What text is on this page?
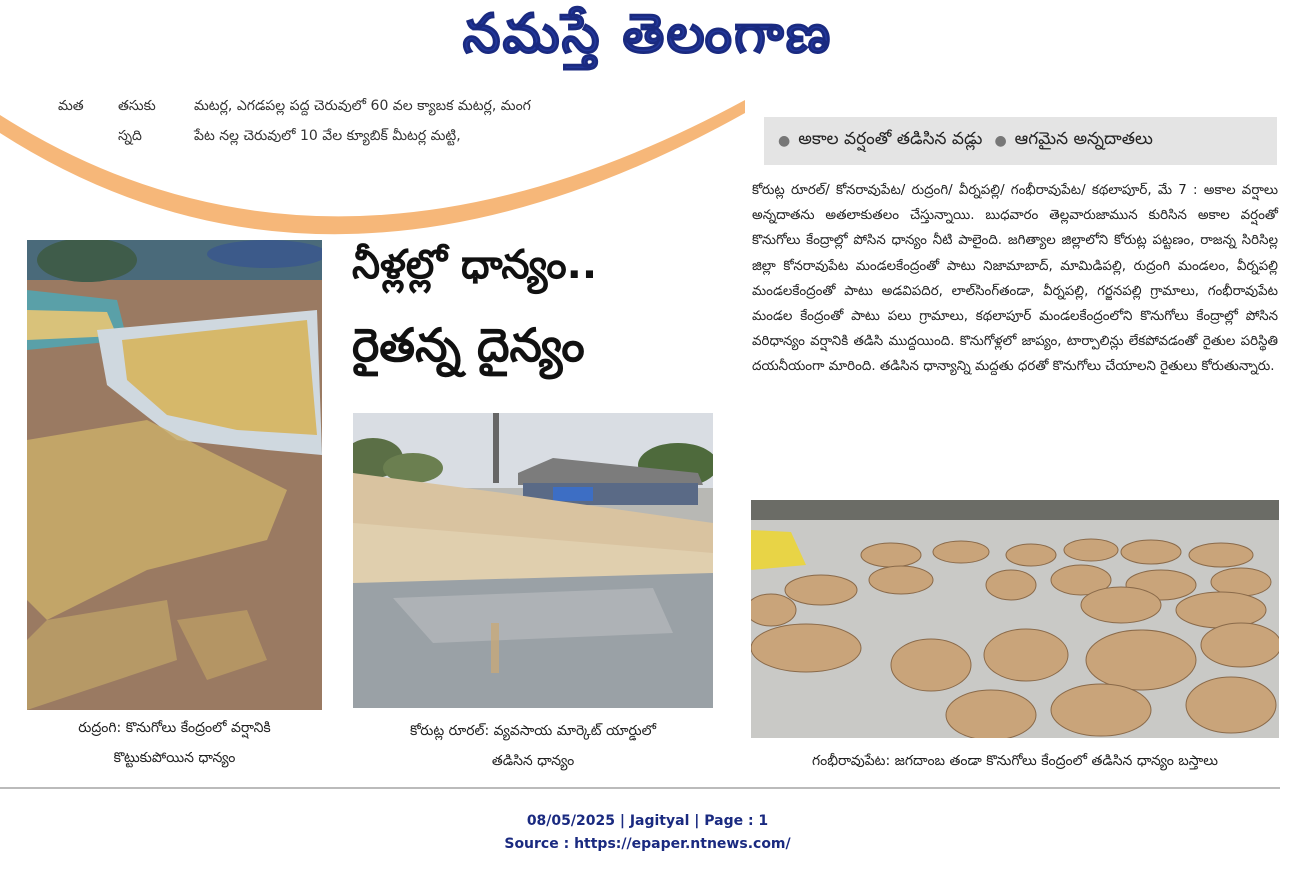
నమస్తే తెలంగాణ
మత తసుకు
స్నది
మటర్ల, ఎగడపల్ల పద్ద చెరువులో 60 వల క్యాబక మటర్ల, మంగ
పేట నల్ల చెరువులో 10 వేల క్యూబిక్ మీటర్ల మట్టి,
నీళ్లల్లో ధాన్యం..
రైతన్న దైన్యం
● అకాల వర్షంతో తడిసిన వడ్లు ● ఆగమైన అన్నదాతలు
కోరుట్ల రూరల్/ కోనరావుపేట/ రుద్రంగి/ వీర్నపల్లి/ గంభీరావుపేట/ కథలాపూర్, మే 7 : అకాల వర్షాలు అన్నదాతను అతలాకుతలం చేస్తున్నాయి. బుధవారం తెల్లవారుజామున కురిసిన అకాల వర్షంతో కొనుగోలు కేంద్రాల్లో పోసిన ధాన్యం నీటి పాలైంది. జగిత్యాల జిల్లాలోని కోరుట్ల పట్టణం, రాజన్న సిరిసిల్ల జిల్లా కోనరావుపేట మండలకేంద్రంతో పాటు నిజామాబాద్, మామిడిపల్లి, రుద్రంగి మండలం, వీర్నపల్లి మండలకేంద్రంతో పాటు అడవిపదిర, లాల్‌సింగ్‌తండా, వీర్నపల్లి, గర్జనపల్లి గ్రామాలు, గంభీరావుపేట మండల కేంద్రంతో పాటు పలు గ్రామాలు, కథలాపూర్ మండలకేంద్రంలోని కొనుగోలు కేంద్రాల్లో పోసిన వరిధాన్యం వర్షానికి తడిసి ముద్దయింది. కొనుగోళ్లలో జాప్యం, టార్పాలిన్లు లేకపోవడంతో రైతుల పరిస్థితి దయనీయంగా మారింది. తడిసిన ధాన్యాన్ని మద్దతు ధరతో కొనుగోలు చేయాలని రైతులు కోరుతున్నారు.
రుద్రంగి: కొనుగోలు కేంద్రంలో వర్షానికి
కొట్టుకుపోయిన ధాన్యం
కోరుట్ల రూరల్: వ్యవసాయ మార్కెట్ యార్డులో
తడిసిన ధాన్యం	గంభీరావుపేట: జగదాంబ తండా కొనుగోలు కేంద్రంలో తడిసిన ధాన్యం బస్తాలు
08/05/2025 | Jagityal | Page : 1
Source : https://epaper.ntnews.com/
